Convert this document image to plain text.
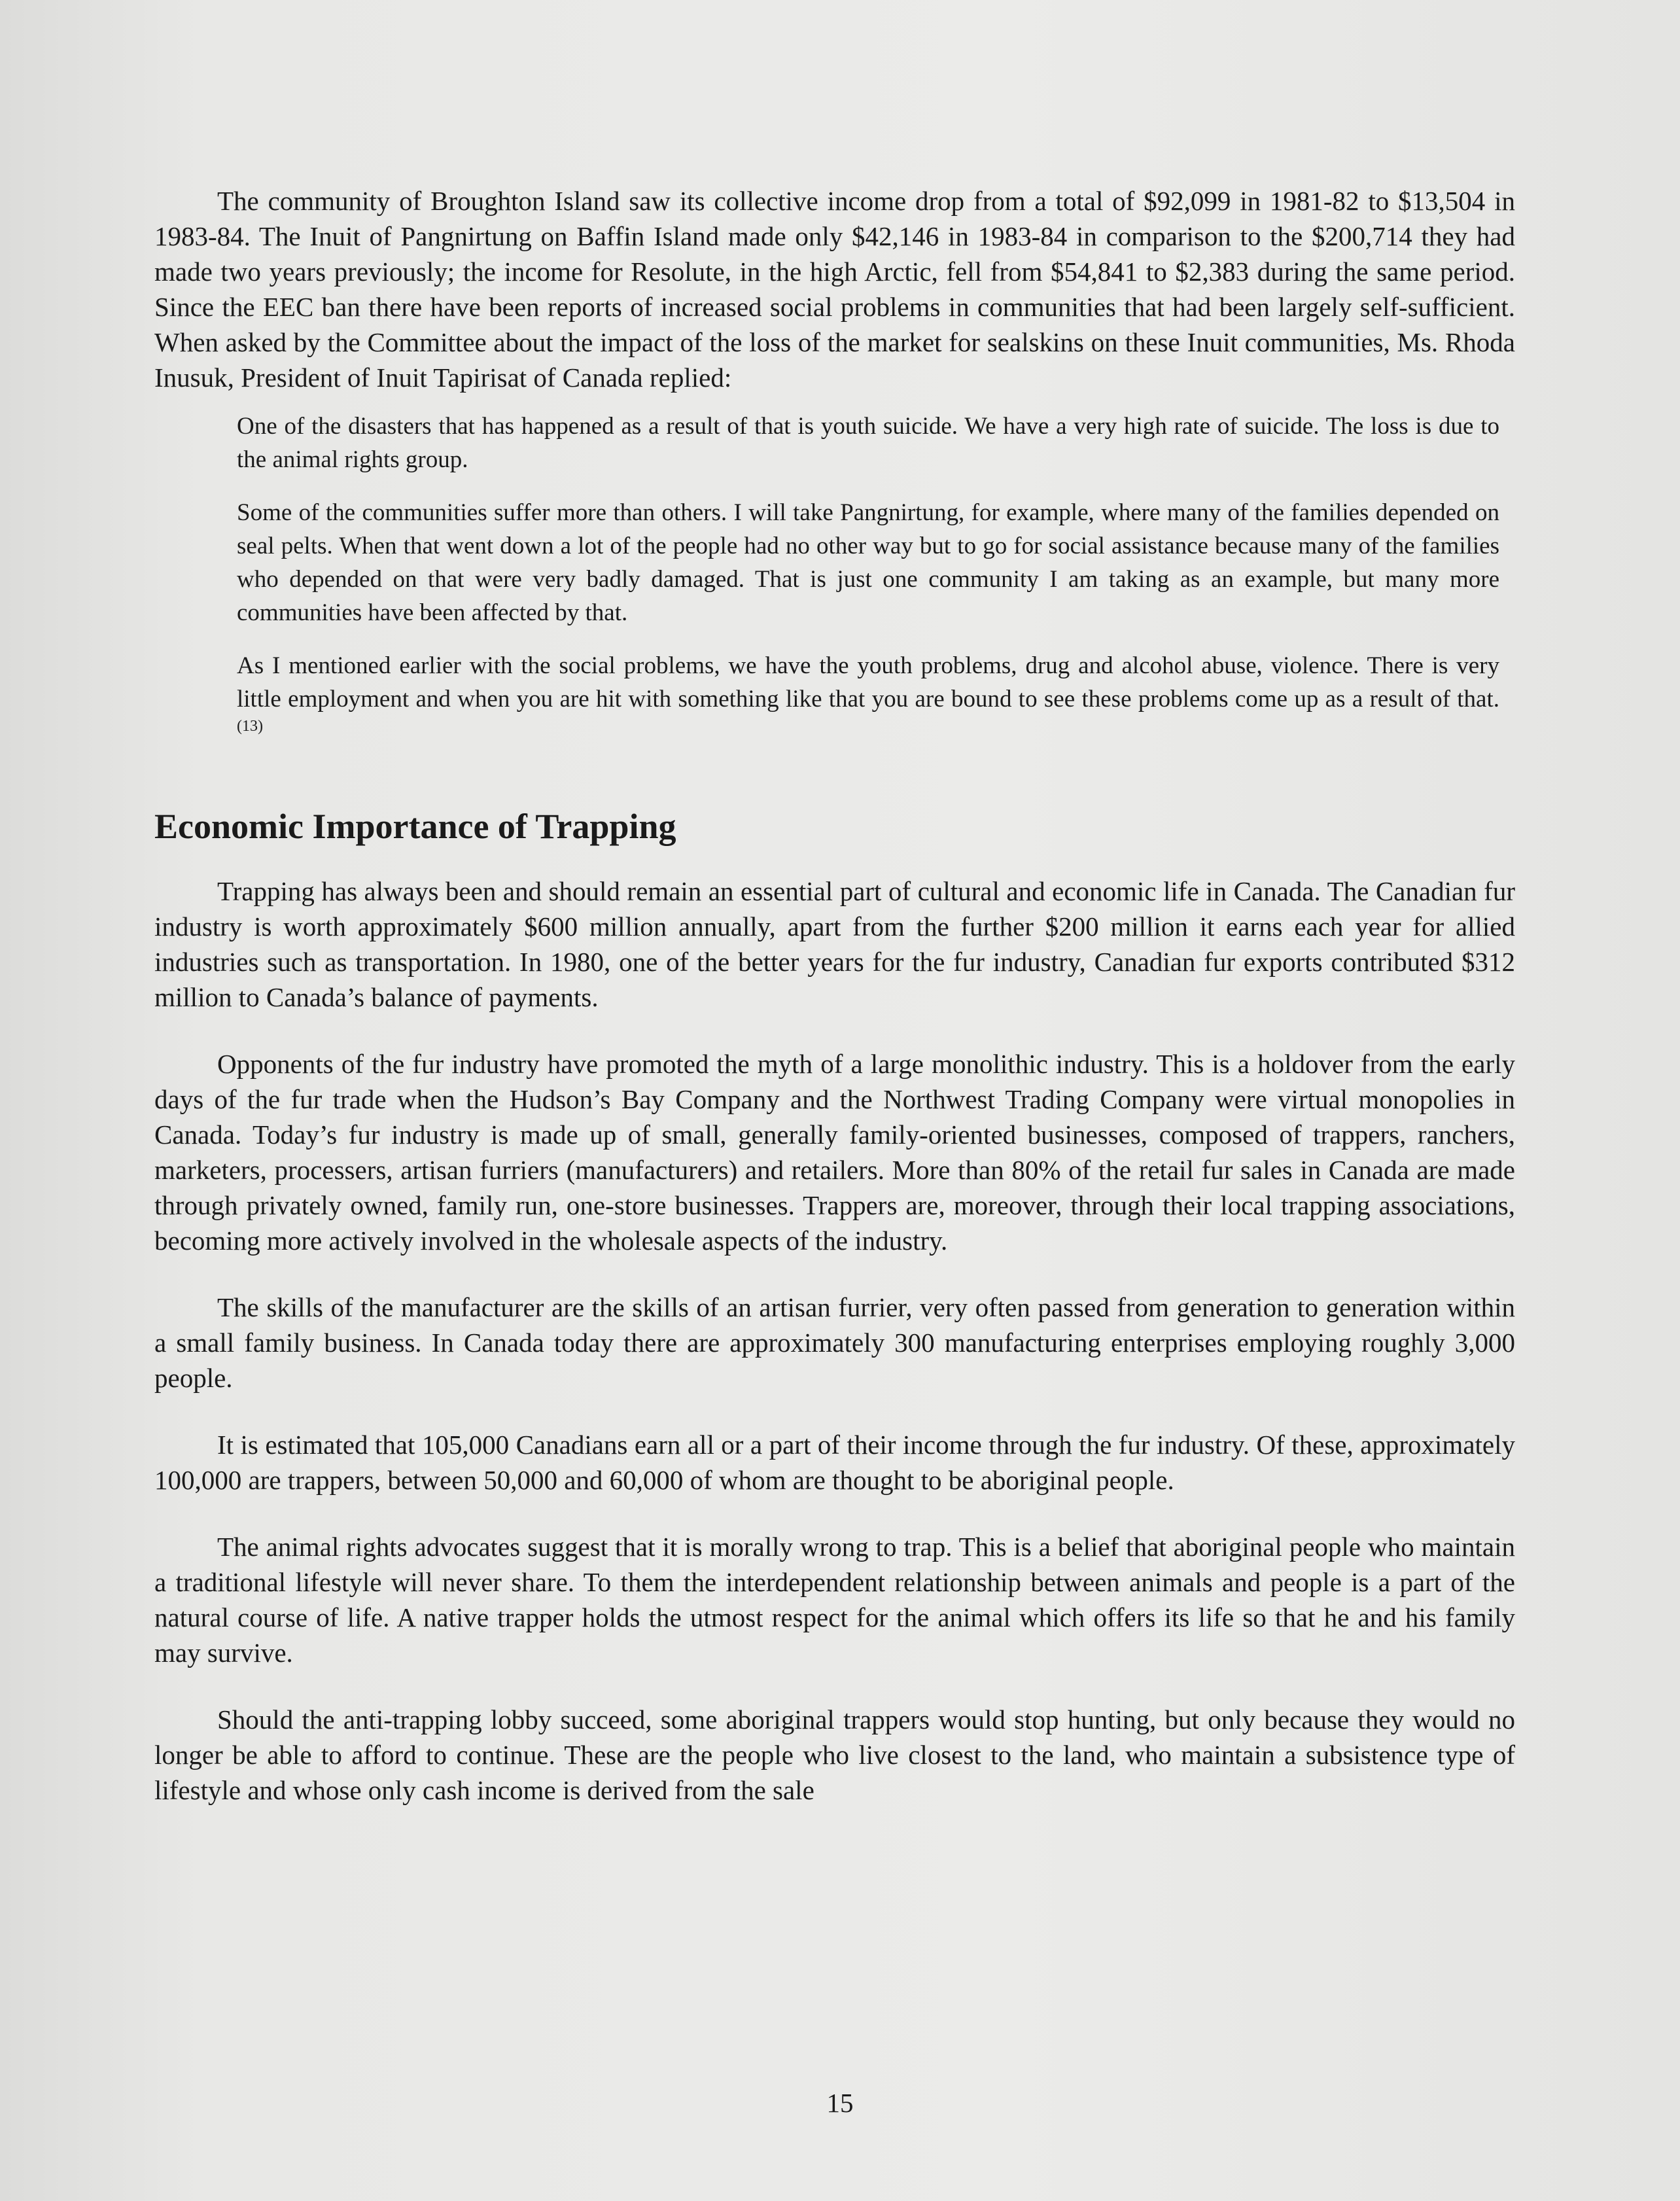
The community of Broughton Island saw its collective income drop from a total of $92,099 in 1981-82 to $13,504 in 1983-84. The Inuit of Pangnirtung on Baffin Island made only $42,146 in 1983-84 in comparison to the $200,714 they had made two years previously; the income for Resolute, in the high Arctic, fell from $54,841 to $2,383 during the same period. Since the EEC ban there have been reports of increased social problems in communities that had been largely self-sufficient. When asked by the Committee about the impact of the loss of the market for sealskins on these Inuit communities, Ms. Rhoda Inusuk, President of Inuit Tapirisat of Canada replied:

One of the disasters that has happened as a result of that is youth suicide. We have a very high rate of suicide. The loss is due to the animal rights group.

Some of the communities suffer more than others. I will take Pangnirtung, for example, where many of the families depended on seal pelts. When that went down a lot of the people had no other way but to go for social assistance because many of the families who depended on that were very badly damaged. That is just one community I am taking as an example, but many more communities have been affected by that.

As I mentioned earlier with the social problems, we have the youth problems, drug and alcohol abuse, violence. There is very little employment and when you are hit with something like that you are bound to see these problems come up as a result of that.$^{(13)}$

Economic Importance of Trapping

Trapping has always been and should remain an essential part of cultural and economic life in Canada. The Canadian fur industry is worth approximately $600 million annually, apart from the further $200 million it earns each year for allied industries such as transportation. In 1980, one of the better years for the fur industry, Canadian fur exports contributed $312 million to Canada’s balance of payments.

Opponents of the fur industry have promoted the myth of a large monolithic industry. This is a holdover from the early days of the fur trade when the Hudson’s Bay Company and the Northwest Trading Company were virtual monopolies in Canada. Today’s fur industry is made up of small, generally family-oriented businesses, composed of trappers, ranchers, marketers, processers, artisan furriers (manufacturers) and retailers. More than 80% of the retail fur sales in Canada are made through privately owned, family run, one-store businesses. Trappers are, moreover, through their local trapping associations, becoming more actively involved in the wholesale aspects of the industry.

The skills of the manufacturer are the skills of an artisan furrier, very often passed from generation to generation within a small family business. In Canada today there are approximately 300 manufacturing enterprises employing roughly 3,000 people.

It is estimated that 105,000 Canadians earn all or a part of their income through the fur industry. Of these, approximately 100,000 are trappers, between 50,000 and 60,000 of whom are thought to be aboriginal people.

The animal rights advocates suggest that it is morally wrong to trap. This is a belief that aboriginal people who maintain a traditional lifestyle will never share. To them the interdependent relationship between animals and people is a part of the natural course of life. A native trapper holds the utmost respect for the animal which offers its life so that he and his family may survive.

Should the anti-trapping lobby succeed, some aboriginal trappers would stop hunting, but only because they would no longer be able to afford to continue. These are the people who live closest to the land, who maintain a subsistence type of lifestyle and whose only cash income is derived from the sale

15
